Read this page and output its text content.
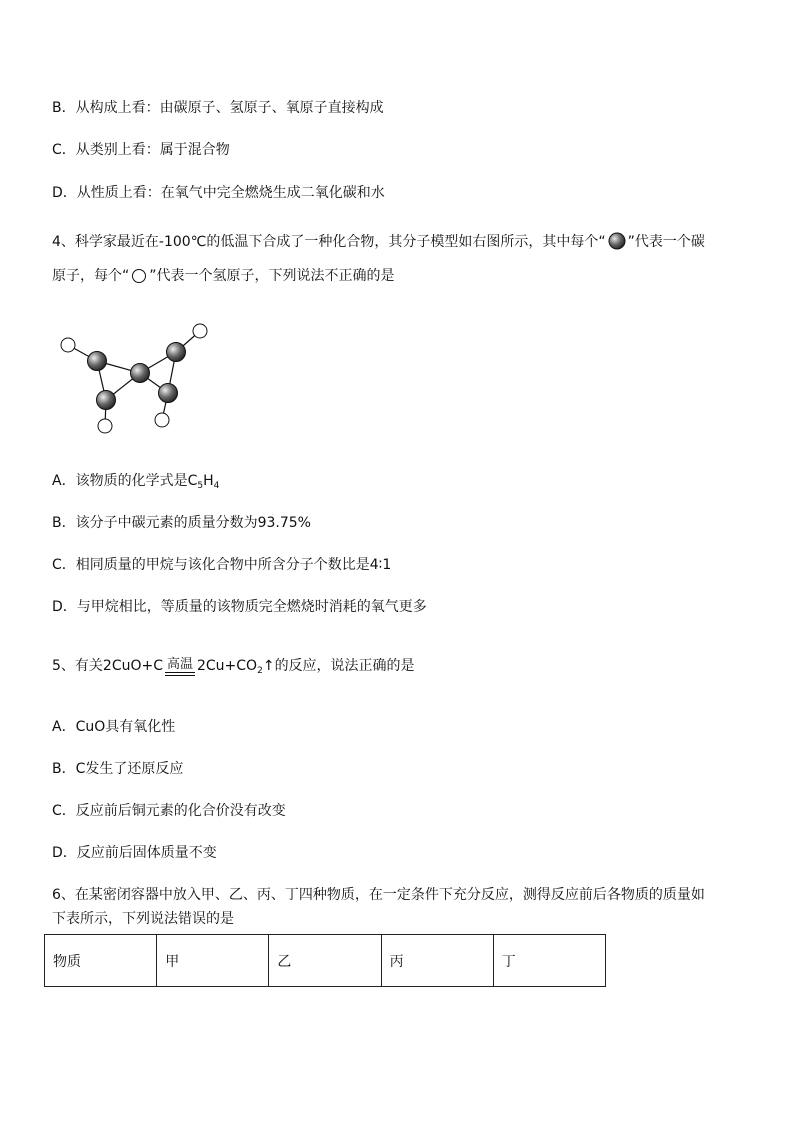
B．从构成上看：由碳原子、氢原子、氧原子直接构成
C．从类别上看：属于混合物
D．从性质上看：在氧气中完全燃烧生成二氧化碳和水
4、科学家最近在-100℃的低温下合成了一种化合物，其分子模型如右图所示，其中每个“ ”代表一个碳
原子，每个“ ”代表一个氢原子，下列说法不正确的是
A．该物质的化学式是$C_5H_4$
B．该分子中碳元素的质量分数为93.75%
C．相同质量的甲烷与该化合物中所含分子个数比是4∶1
D．与甲烷相比，等质量的该物质完全燃烧时消耗的氧气更多
5、有关2CuO+C 高温 $2Cu+CO_2↑$的反应，说法正确的是
A．CuO具有氧化性
B．C发生了还原反应
C．反应前后铜元素的化合价没有改变
D．反应前后固体质量不变
6、在某密闭容器中放入甲、乙、丙、丁四种物质，在一定条件下充分反应，测得反应前后各物质的质量如
下表所示，下列说法错误的是
物质	甲	乙	丙	丁
